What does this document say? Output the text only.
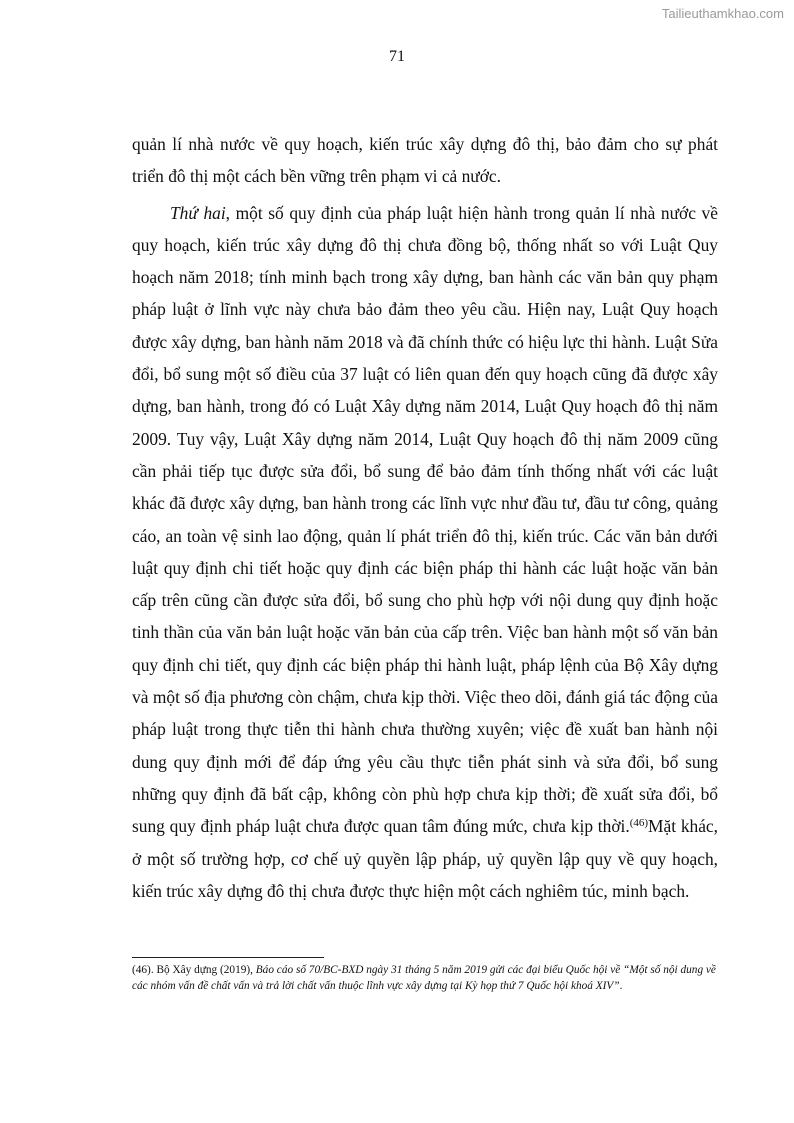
Tailieuthamkhao.com
71

quản lí nhà nước về quy hoạch, kiến trúc xây dựng đô thị, bảo đảm cho sự phát triển đô thị một cách bền vững trên phạm vi cả nước.

Thứ hai, một số quy định của pháp luật hiện hành trong quản lí nhà nước về quy hoạch, kiến trúc xây dựng đô thị chưa đồng bộ, thống nhất so với Luật Quy hoạch năm 2018; tính minh bạch trong xây dựng, ban hành các văn bản quy phạm pháp luật ở lĩnh vực này chưa bảo đảm theo yêu cầu. Hiện nay, Luật Quy hoạch được xây dựng, ban hành năm 2018 và đã chính thức có hiệu lực thi hành. Luật Sửa đổi, bổ sung một số điều của 37 luật có liên quan đến quy hoạch cũng đã được xây dựng, ban hành, trong đó có Luật Xây dựng năm 2014, Luật Quy hoạch đô thị năm 2009. Tuy vậy, Luật Xây dựng năm 2014, Luật Quy hoạch đô thị năm 2009 cũng cần phải tiếp tục được sửa đổi, bổ sung để bảo đảm tính thống nhất với các luật khác đã được xây dựng, ban hành trong các lĩnh vực như đầu tư, đầu tư công, quảng cáo, an toàn vệ sinh lao động, quản lí phát triển đô thị, kiến trúc. Các văn bản dưới luật quy định chi tiết hoặc quy định các biện pháp thi hành các luật hoặc văn bản cấp trên cũng cần được sửa đổi, bổ sung cho phù hợp với nội dung quy định hoặc tinh thần của văn bản luật hoặc văn bản của cấp trên. Việc ban hành một số văn bản quy định chi tiết, quy định các biện pháp thi hành luật, pháp lệnh của Bộ Xây dựng và một số địa phương còn chậm, chưa kịp thời. Việc theo dõi, đánh giá tác động của pháp luật trong thực tiễn thi hành chưa thường xuyên; việc đề xuất ban hành nội dung quy định mới để đáp ứng yêu cầu thực tiễn phát sinh và sửa đổi, bổ sung những quy định đã bất cập, không còn phù hợp chưa kịp thời; đề xuất sửa đổi, bổ sung quy định pháp luật chưa được quan tâm đúng mức, chưa kịp thời.$^{(46)}$Mặt khác, ở một số trường hợp, cơ chế uỷ quyền lập pháp, uỷ quyền lập quy về quy hoạch, kiến trúc xây dựng đô thị chưa được thực hiện một cách nghiêm túc, minh bạch.

(46). Bộ Xây dựng (2019), Báo cáo số 70/BC-BXD ngày 31 tháng 5 năm 2019 gửi các đại biểu Quốc hội về “Một số nội dung về các nhóm vấn đề chất vấn và trả lời chất vấn thuộc lĩnh vực xây dựng tại Kỳ họp thứ 7 Quốc hội khoá XIV”.
